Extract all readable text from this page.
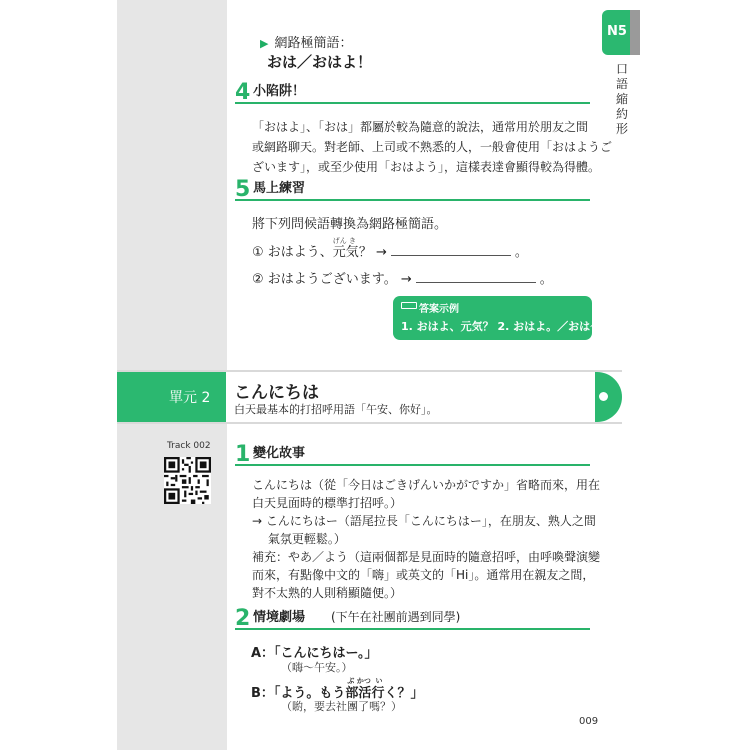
▶ 網路極簡語：
おは／おはよ！
4 小陷阱！
「おはよ」、「おは」都屬於較為隨意的說法，通常用於朋友之間
或網路聊天。對老師、上司或不熟悉的人，一般會使用「おはようご
ざいます」，或至少使用「おはよう」，這樣表達會顯得較為得體。
5 馬上練習
將下列問候語轉換為網路極簡語。
① おはよう、
げん き
元気？ →	。
② おはようございます。 →	。
答案示例
1. おはよ、元気？ 2. おはよ。／おは〜。
單元 2 こんにちは
白天最基本的打招呼用語「午安、你好」。
Track 002 1 變化故事
こんにちは（從「今日はごきげんいかがですか」省略而來，用在
白天見面時的標準打招呼。）
→ こんにちはー（語尾拉長「こんにちはー」，在朋友、熟人之間
　 氣氛更輕鬆。）
補充：やあ／よう（這兩個都是見面時的隨意招呼，由呼喚聲演變
而來，有點像中文的「嗨」或英文的「Hi」。通常用在親友之間，
對不太熟的人則稍顯隨便。）
2 情境劇場 (下午在社團前遇到同學)
A：「こんにちはー。」
（嗨～午安。）
B：「よう。もう
ぶ かつ
部活
い
行く？」
（喲，要去社團了嗎？）
009
N5
口語縮約形
